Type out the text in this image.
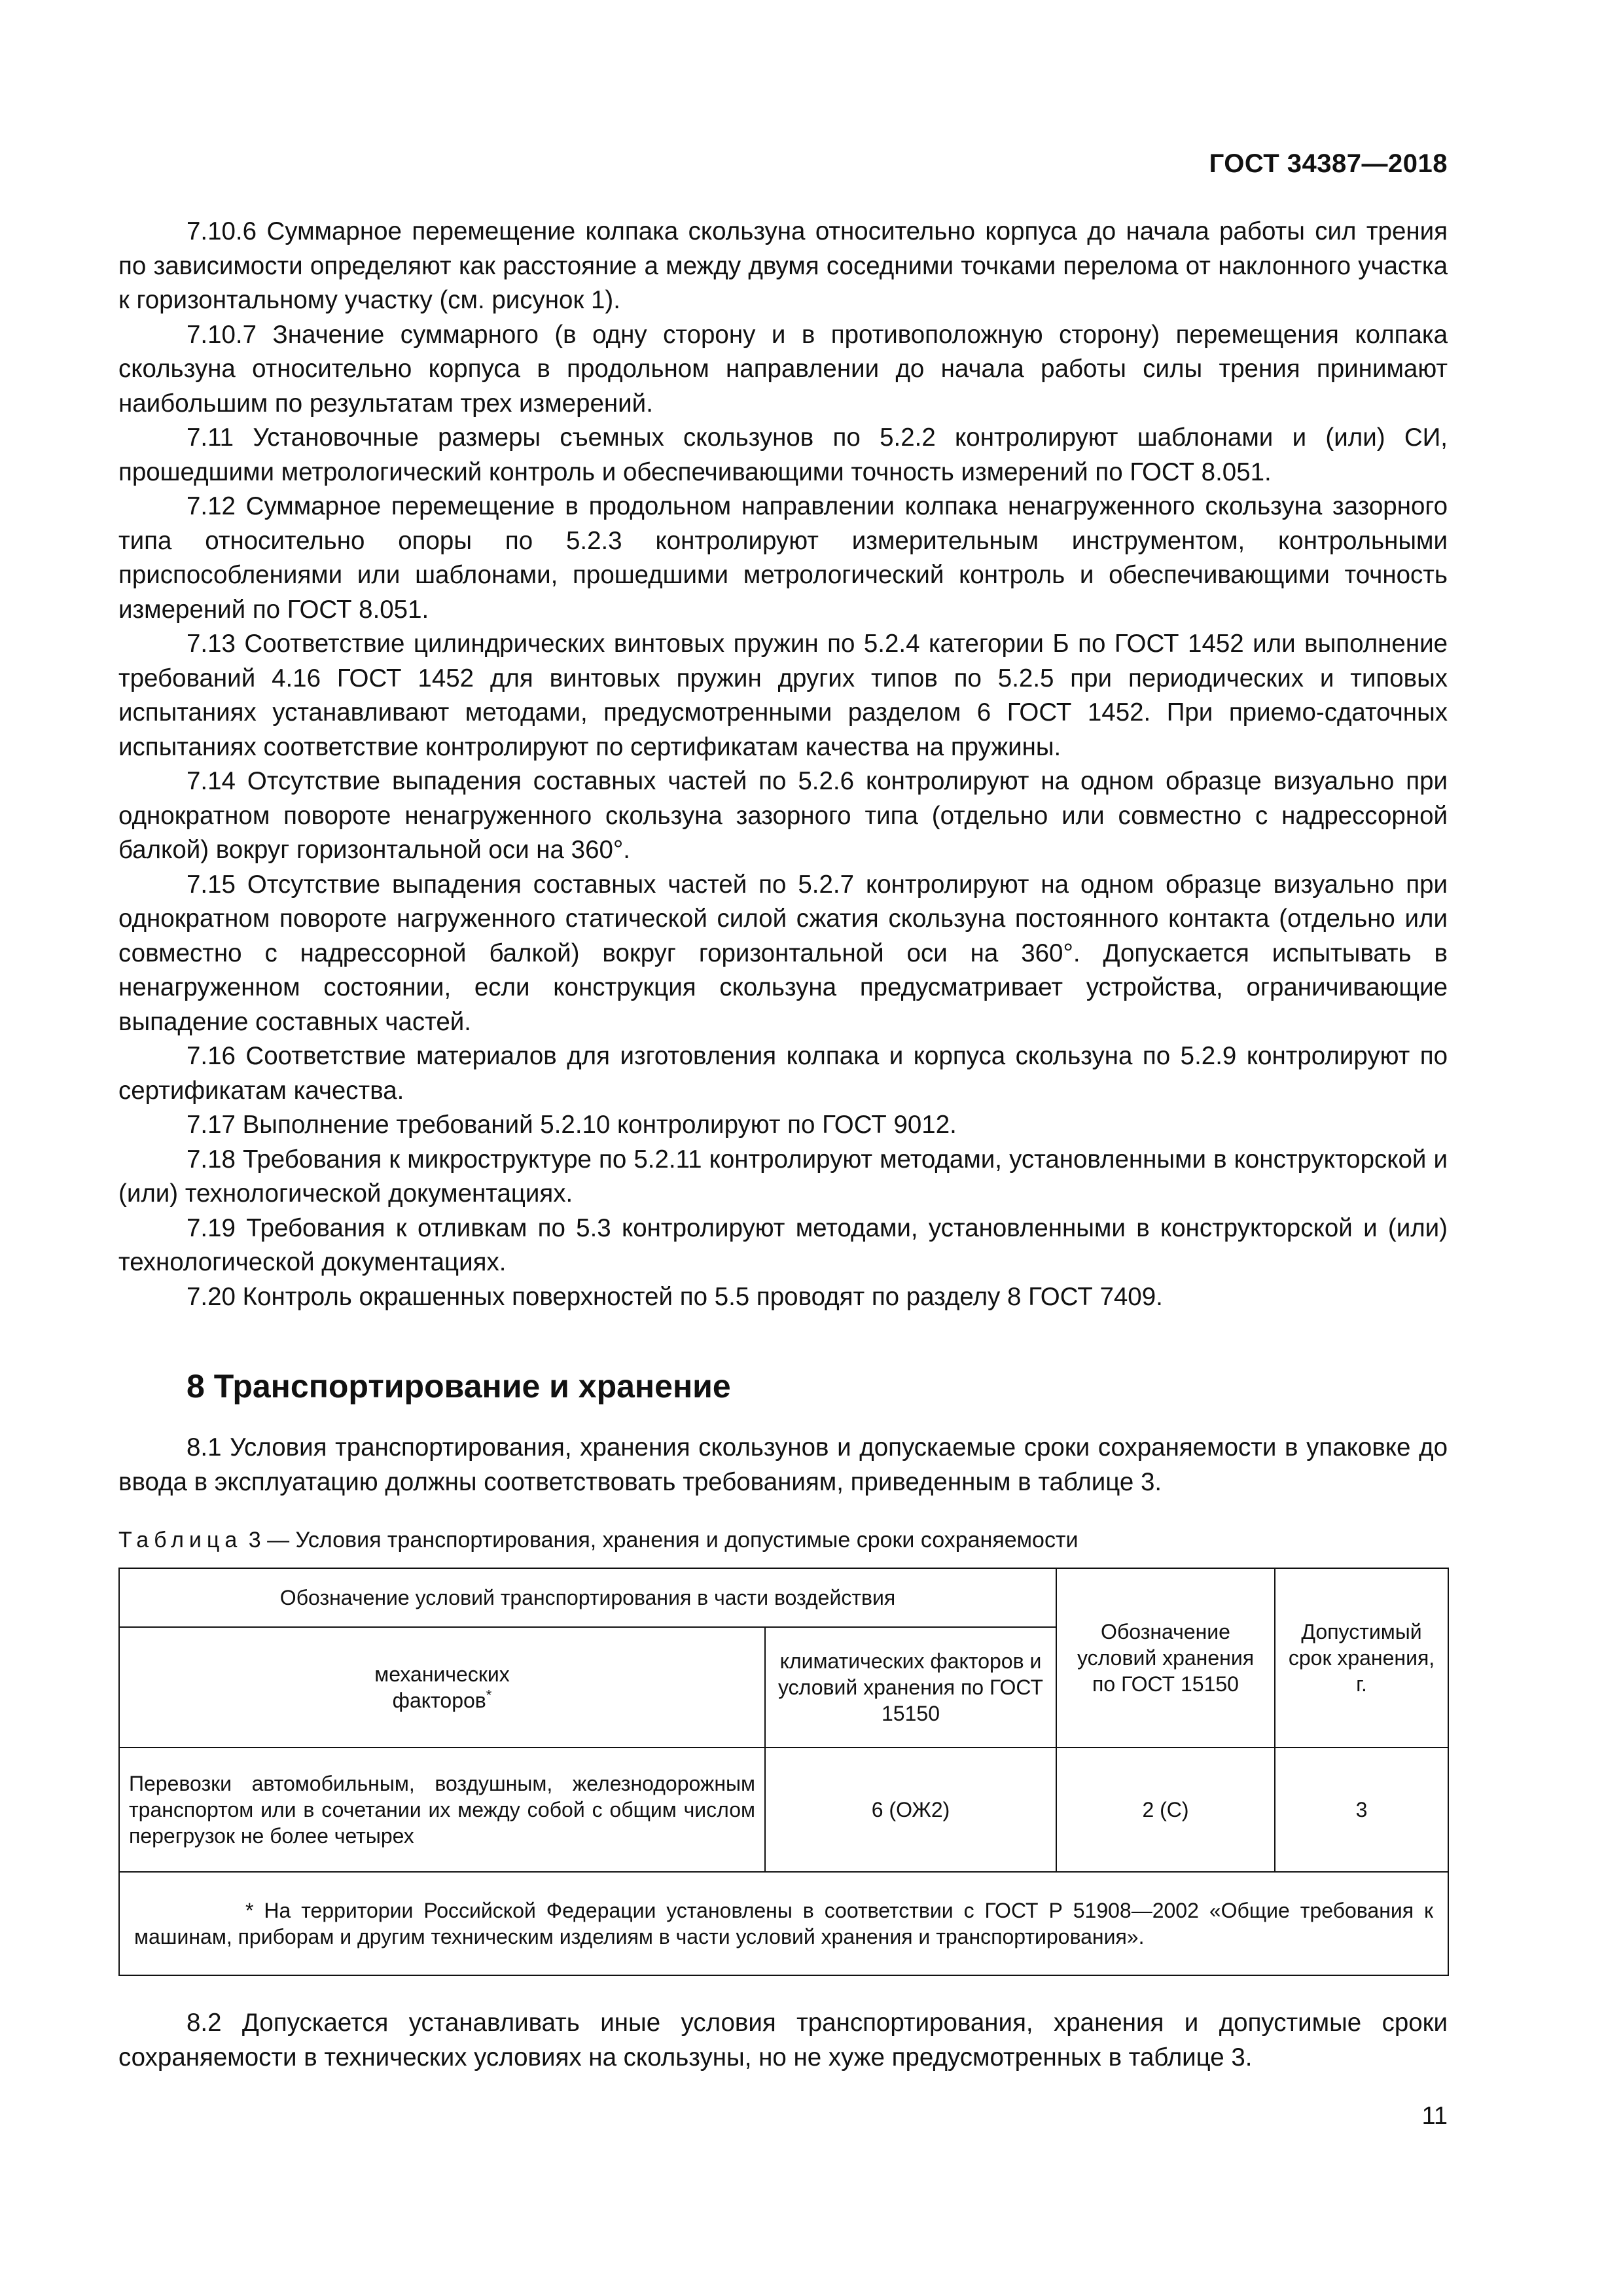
ГОСТ 34387—2018

7.10.6 Суммарное перемещение колпака скользуна относительно корпуса до начала работы сил трения по зависимости определяют как расстояние a между двумя соседними точками перелома от наклонного участка к горизонтальному участку (см. рисунок 1).

7.10.7 Значение суммарного (в одну сторону и в противоположную сторону) перемещения колпака скользуна относительно корпуса в продольном направлении до начала работы силы трения принимают наибольшим по результатам трех измерений.

7.11 Установочные размеры съемных скользунов по 5.2.2 контролируют шаблонами и (или) СИ, прошедшими метрологический контроль и обеспечивающими точность измерений по ГОСТ 8.051.

7.12 Суммарное перемещение в продольном направлении колпака ненагруженного скользуна зазорного типа относительно опоры по 5.2.3 контролируют измерительным инструментом, контрольными приспособлениями или шаблонами, прошедшими метрологический контроль и обеспечивающими точность измерений по ГОСТ 8.051.

7.13 Соответствие цилиндрических винтовых пружин по 5.2.4 категории Б по ГОСТ 1452 или выполнение требований 4.16 ГОСТ 1452 для винтовых пружин других типов по 5.2.5 при периодических и типовых испытаниях устанавливают методами, предусмотренными разделом 6 ГОСТ 1452. При приемо-сдаточных испытаниях соответствие контролируют по сертификатам качества на пружины.

7.14 Отсутствие выпадения составных частей по 5.2.6 контролируют на одном образце визуально при однократном повороте ненагруженного скользуна зазорного типа (отдельно или совместно с надрессорной балкой) вокруг горизонтальной оси на 360°.

7.15 Отсутствие выпадения составных частей по 5.2.7 контролируют на одном образце визуально при однократном повороте нагруженного статической силой сжатия скользуна постоянного контакта (отдельно или совместно с надрессорной балкой) вокруг горизонтальной оси на 360°. Допускается испытывать в ненагруженном состоянии, если конструкция скользуна предусматривает устройства, ограничивающие выпадение составных частей.

7.16 Соответствие материалов для изготовления колпака и корпуса скользуна по 5.2.9 контролируют по сертификатам качества.

7.17 Выполнение требований 5.2.10 контролируют по ГОСТ 9012.

7.18 Требования к микроструктуре по 5.2.11 контролируют методами, установленными в конструкторской и (или) технологической документациях.

7.19 Требования к отливкам по 5.3 контролируют методами, установленными в конструкторской и (или) технологической документациях.

7.20 Контроль окрашенных поверхностей по 5.5 проводят по разделу 8 ГОСТ 7409.

8 Транспортирование и хранение

8.1 Условия транспортирования, хранения скользунов и допускаемые сроки сохраняемости в упаковке до ввода в эксплуатацию должны соответствовать требованиям, приведенным в таблице 3.

Таблица 3 — Условия транспортирования, хранения и допустимые сроки сохраняемости
Обозначение условий транспортирования в части воздействия		Обозначение условий хранения по ГОСТ 15150	Допустимый срок хранения, г.

механических факторов*	климатических факторов и условий хранения по ГОСТ 15150		
Перевозки автомобильным, воздушным, железнодорожным транспортом или в сочетании их между собой с общим числом перегрузок не более четырех	6 (ОЖ2)	2 (С)	3
* На территории Российской Федерации установлены в соответствии с ГОСТ Р 51908—2002 «Общие требования к машинам, приборам и другим техническим изделиям в части условий хранения и транспортирования».			

8.2 Допускается устанавливать иные условия транспортирования, хранения и допустимые сроки сохраняемости в технических условиях на скользуны, но не хуже предусмотренных в таблице 3.

11
